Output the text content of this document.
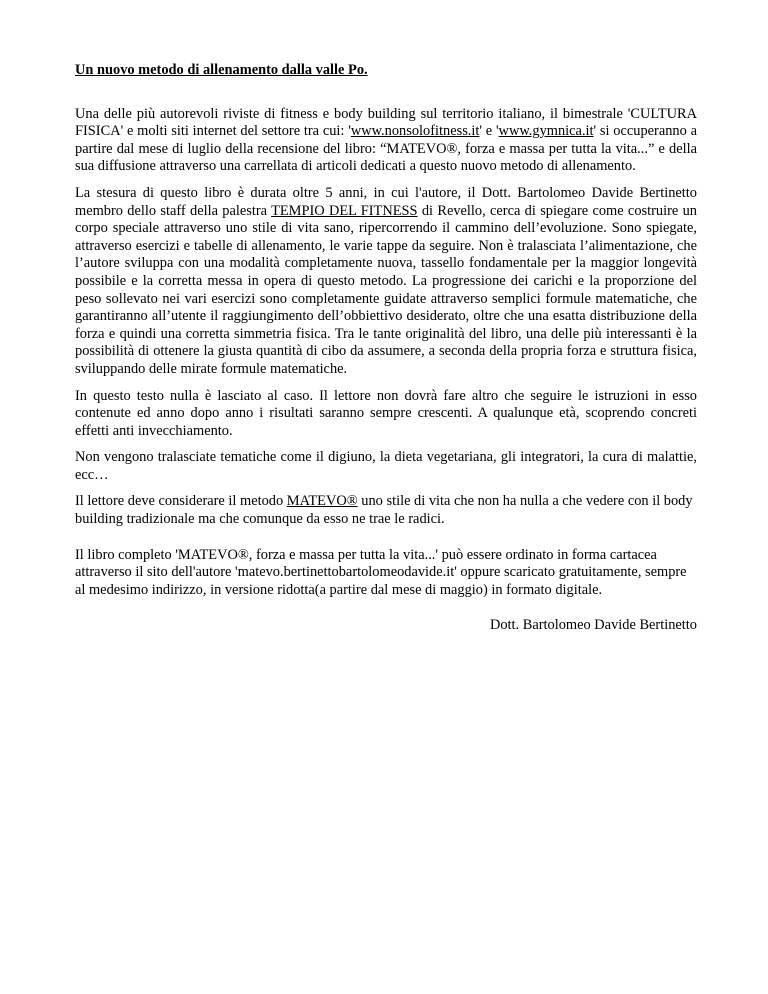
Un nuovo metodo di allenamento dalla valle Po.
Una delle più autorevoli riviste di fitness e body building sul territorio italiano, il bimestrale 'CULTURA FISICA' e molti siti internet del settore tra cui: 'www.nonsolofitness.it' e 'www.gymnica.it' si occuperanno a partire dal mese di luglio della recensione del libro: “MATEVO®, forza e massa per tutta la vita...” e della sua diffusione attraverso una carrellata di articoli dedicati a questo nuovo metodo di allenamento.
La stesura di questo libro è durata oltre 5 anni, in cui l'autore, il Dott. Bartolomeo Davide Bertinetto membro dello staff della palestra TEMPIO DEL FITNESS di Revello, cerca di spiegare come costruire un corpo speciale attraverso uno stile di vita sano, ripercorrendo il cammino dell’evoluzione. Sono spiegate, attraverso esercizi e tabelle di allenamento, le varie tappe da seguire. Non è tralasciata l’alimentazione, che l’autore sviluppa con una modalità completamente nuova, tassello fondamentale per la maggior longevità possibile e la corretta messa in opera di questo metodo. La progressione dei carichi e la proporzione del peso sollevato nei vari esercizi sono completamente guidate attraverso semplici formule matematiche, che garantiranno all’utente il raggiungimento dell’obbiettivo desiderato, oltre che una esatta distribuzione della forza e quindi una corretta simmetria fisica. Tra le tante originalità del libro, una delle più interessanti è la possibilità di ottenere la giusta quantità di cibo da assumere, a seconda della propria forza e struttura fisica, sviluppando delle mirate formule matematiche.
In questo testo nulla è lasciato al caso. Il lettore non dovrà fare altro che seguire le istruzioni in esso contenute ed anno dopo anno i risultati saranno sempre crescenti. A qualunque età, scoprendo concreti effetti anti invecchiamento.
Non vengono tralasciate tematiche come il digiuno, la dieta vegetariana, gli integratori, la cura di malattie, ecc…
Il lettore deve considerare il metodo MATEVO® uno stile di vita che non ha nulla a che vedere con il body building tradizionale ma che comunque da esso ne trae le radici.
Il libro completo 'MATEVO®, forza e massa per tutta la vita...' può essere ordinato in forma cartacea attraverso il sito dell'autore 'matevo.bertinettobartolomeodavide.it' oppure scaricato gratuitamente, sempre al medesimo indirizzo, in versione ridotta(a partire dal mese di maggio) in formato digitale.
Dott. Bartolomeo Davide Bertinetto
